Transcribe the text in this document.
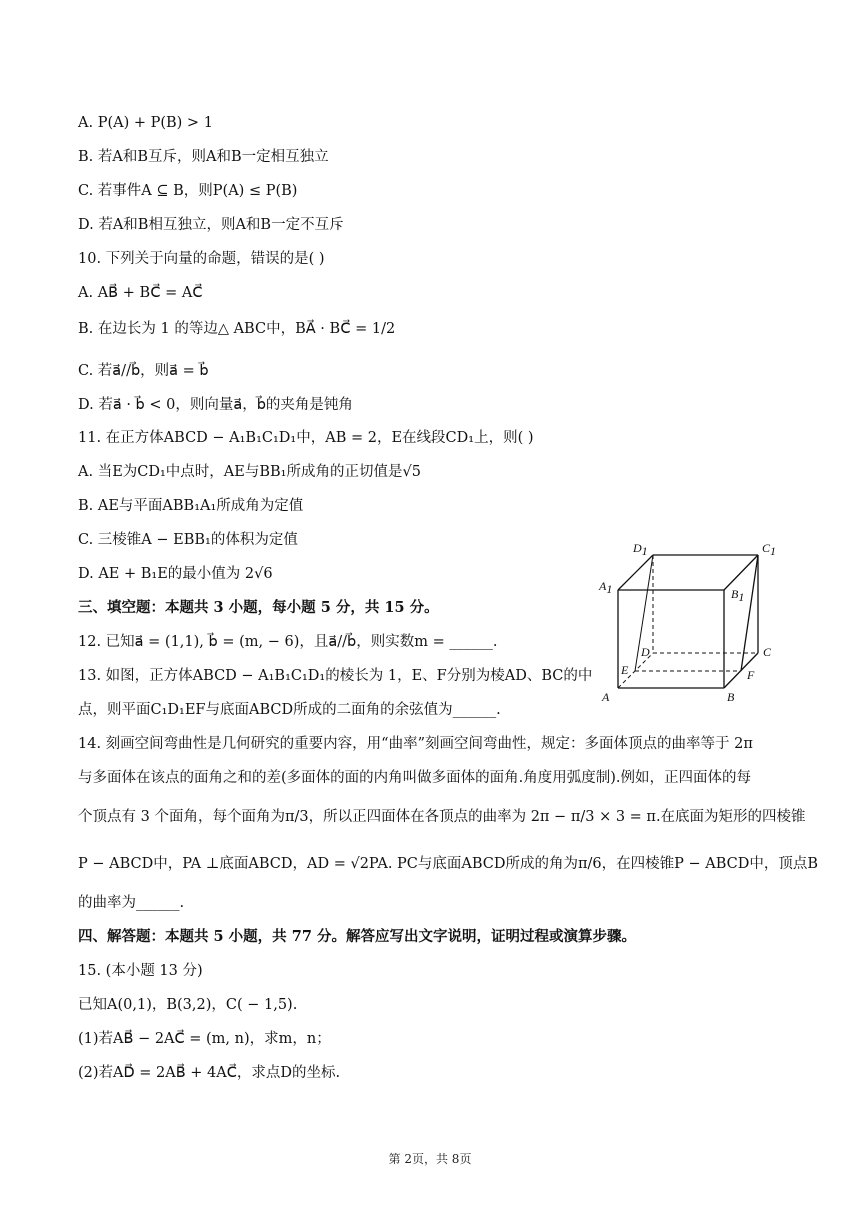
A. P(A) + P(B) > 1
B. 若A和B互斥，则A和B一定相互独立
C. 若事件A ⊆ B，则P(A) ≤ P(B)
D. 若A和B相互独立，则A和B一定不互斥
10. 下列关于向量的命题，错误的是( )
A. AB⃗ + BC⃗ = AC⃗
B. 在边长为 1 的等边△ ABC中，BA⃗ · BC⃗ = 1/2
C. 若a⃗//b⃗，则a⃗ = b⃗
D. 若a⃗ · b⃗ < 0，则向量a⃗，b⃗的夹角是钝角
11. 在正方体ABCD − A₁B₁C₁D₁中，AB = 2，E在线段CD₁上，则( )
A. 当E为CD₁中点时，AE与BB₁所成角的正切值是√5
B. AE与平面ABB₁A₁所成角为定值
C. 三棱锥A − EBB₁的体积为定值
D. AE + B₁E的最小值为 2√6
三、填空题：本题共 3 小题，每小题 5 分，共 15 分。
12. 已知a⃗ = (1,1), b⃗ = (m, − 6)，且a⃗//b⃗，则实数m = ______.
13. 如图，正方体ABCD − A₁B₁C₁D₁的棱长为 1，E、F分别为棱AD、BC的中
点，则平面C₁D₁EF与底面ABCD所成的二面角的余弦值为______.
14. 刻画空间弯曲性是几何研究的重要内容，用“曲率”刻画空间弯曲性，规定：多面体顶点的曲率等于 2π
与多面体在该点的面角之和的差(多面体的面的内角叫做多面体的面角.角度用弧度制).例如，正四面体的每
个顶点有 3 个面角，每个面角为π/3，所以正四面体在各顶点的曲率为 2π − π/3 × 3 = π.在底面为矩形的四棱锥
P − ABCD中，PA ⊥底面ABCD，AD = √2PA. PC与底面ABCD所成的角为π/6，在四棱锥P − ABCD中，顶点B
的曲率为______.
四、解答题：本题共 5 小题，共 77 分。解答应写出文字说明，证明过程或演算步骤。
15. (本小题 13 分)
已知A(0,1)，B(3,2)，C( − 1,5).
(1)若AB⃗ − 2AC⃗ = (m, n)，求m，n；
(2)若AD⃗ = 2AB⃗ + 4AC⃗，求点D的坐标.
D1	C1
A1	B1
D	C
E	F
A	B
第 2页，共 8页
